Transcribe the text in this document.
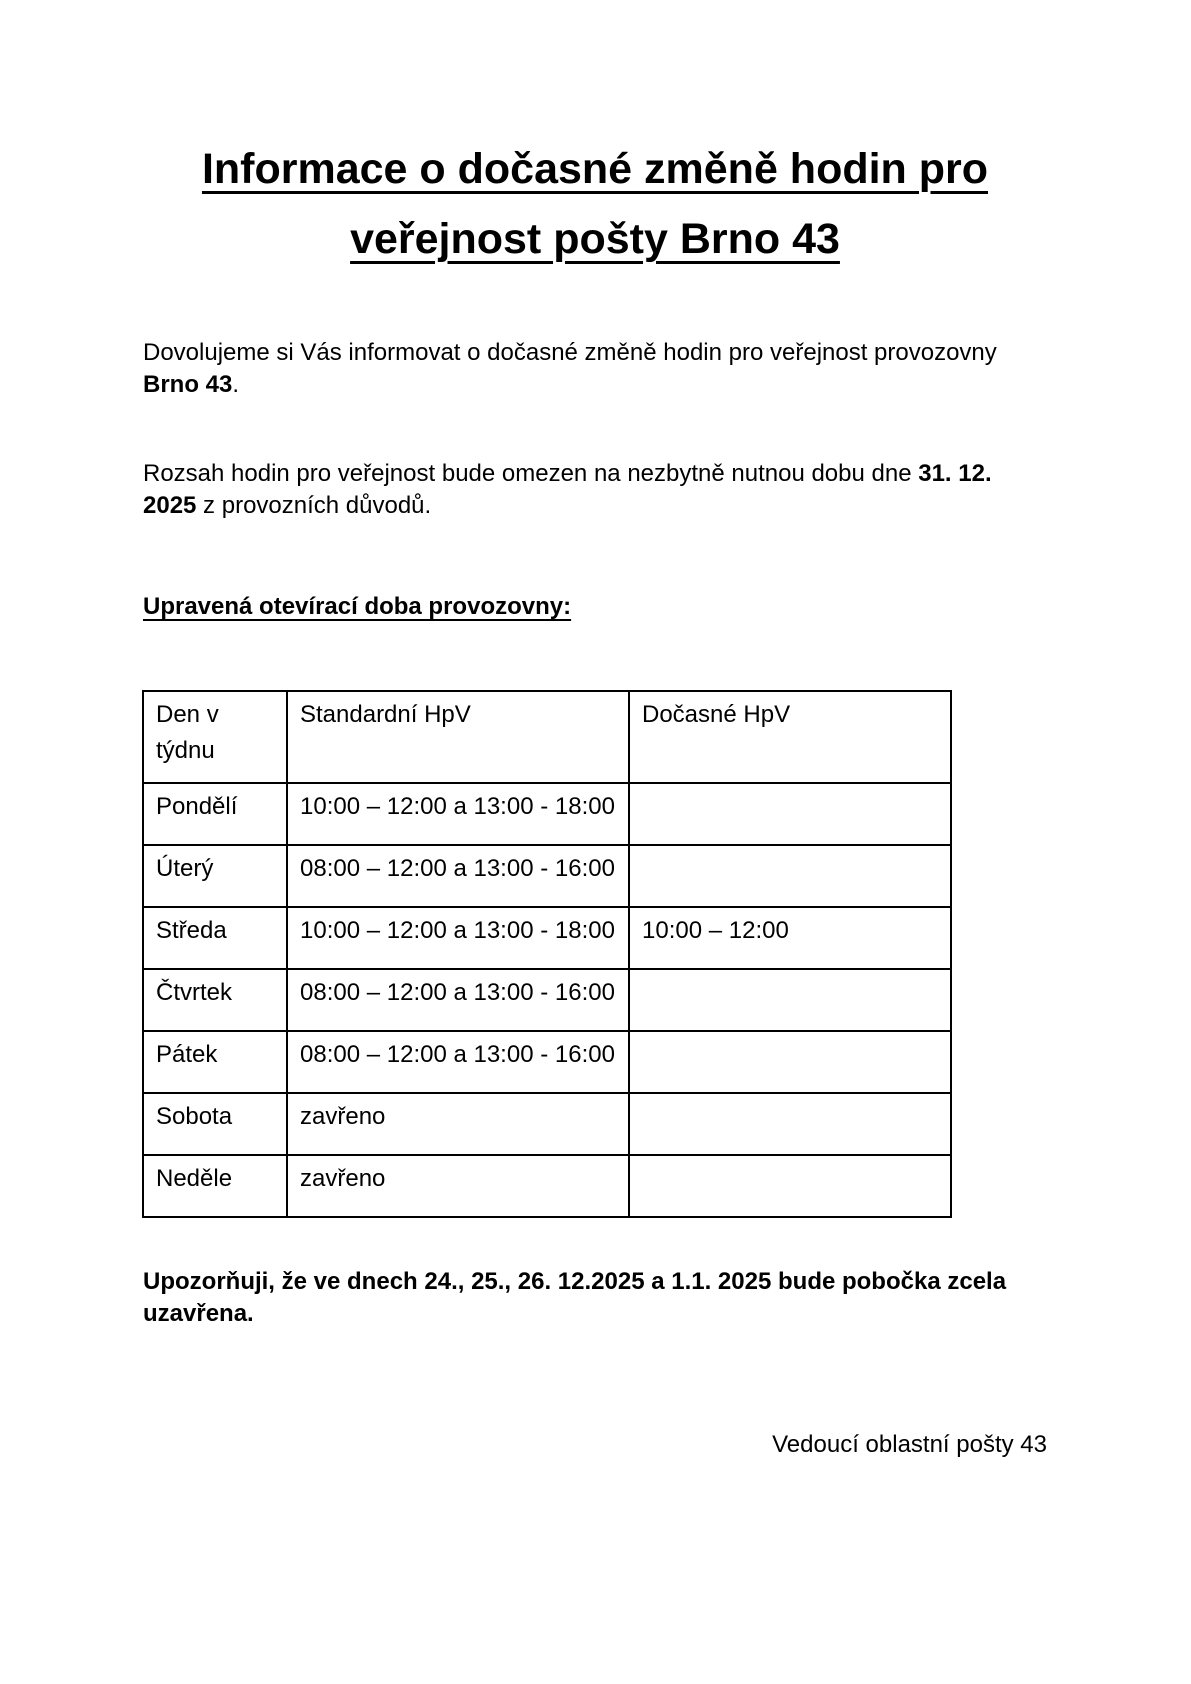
Informace o dočasné změně hodin pro veřejnost pošty Brno 43

Dovolujeme si Vás informovat o dočasné změně hodin pro veřejnost provozovny Brno 43.

Rozsah hodin pro veřejnost bude omezen na nezbytně nutnou dobu dne 31. 12. 2025 z provozních důvodů.

Upravená otevírací doba provozovny:
Den v týdnu	Standardní HpV	Dočasné HpV
Pondělí	10:00 – 12:00 a 13:00 - 18:00	
Úterý	08:00 – 12:00 a 13:00 - 16:00	
Středa	10:00 – 12:00 a 13:00 - 18:00	10:00 – 12:00
Čtvrtek	08:00 – 12:00 a 13:00 - 16:00	
Pátek	08:00 – 12:00 a 13:00 - 16:00	
Sobota	zavřeno	
Neděle	zavřeno	

Upozorňuji, že ve dnech 24., 25., 26. 12.2025 a 1.1. 2025 bude pobočka zcela uzavřena.

Vedoucí oblastní pošty 43
